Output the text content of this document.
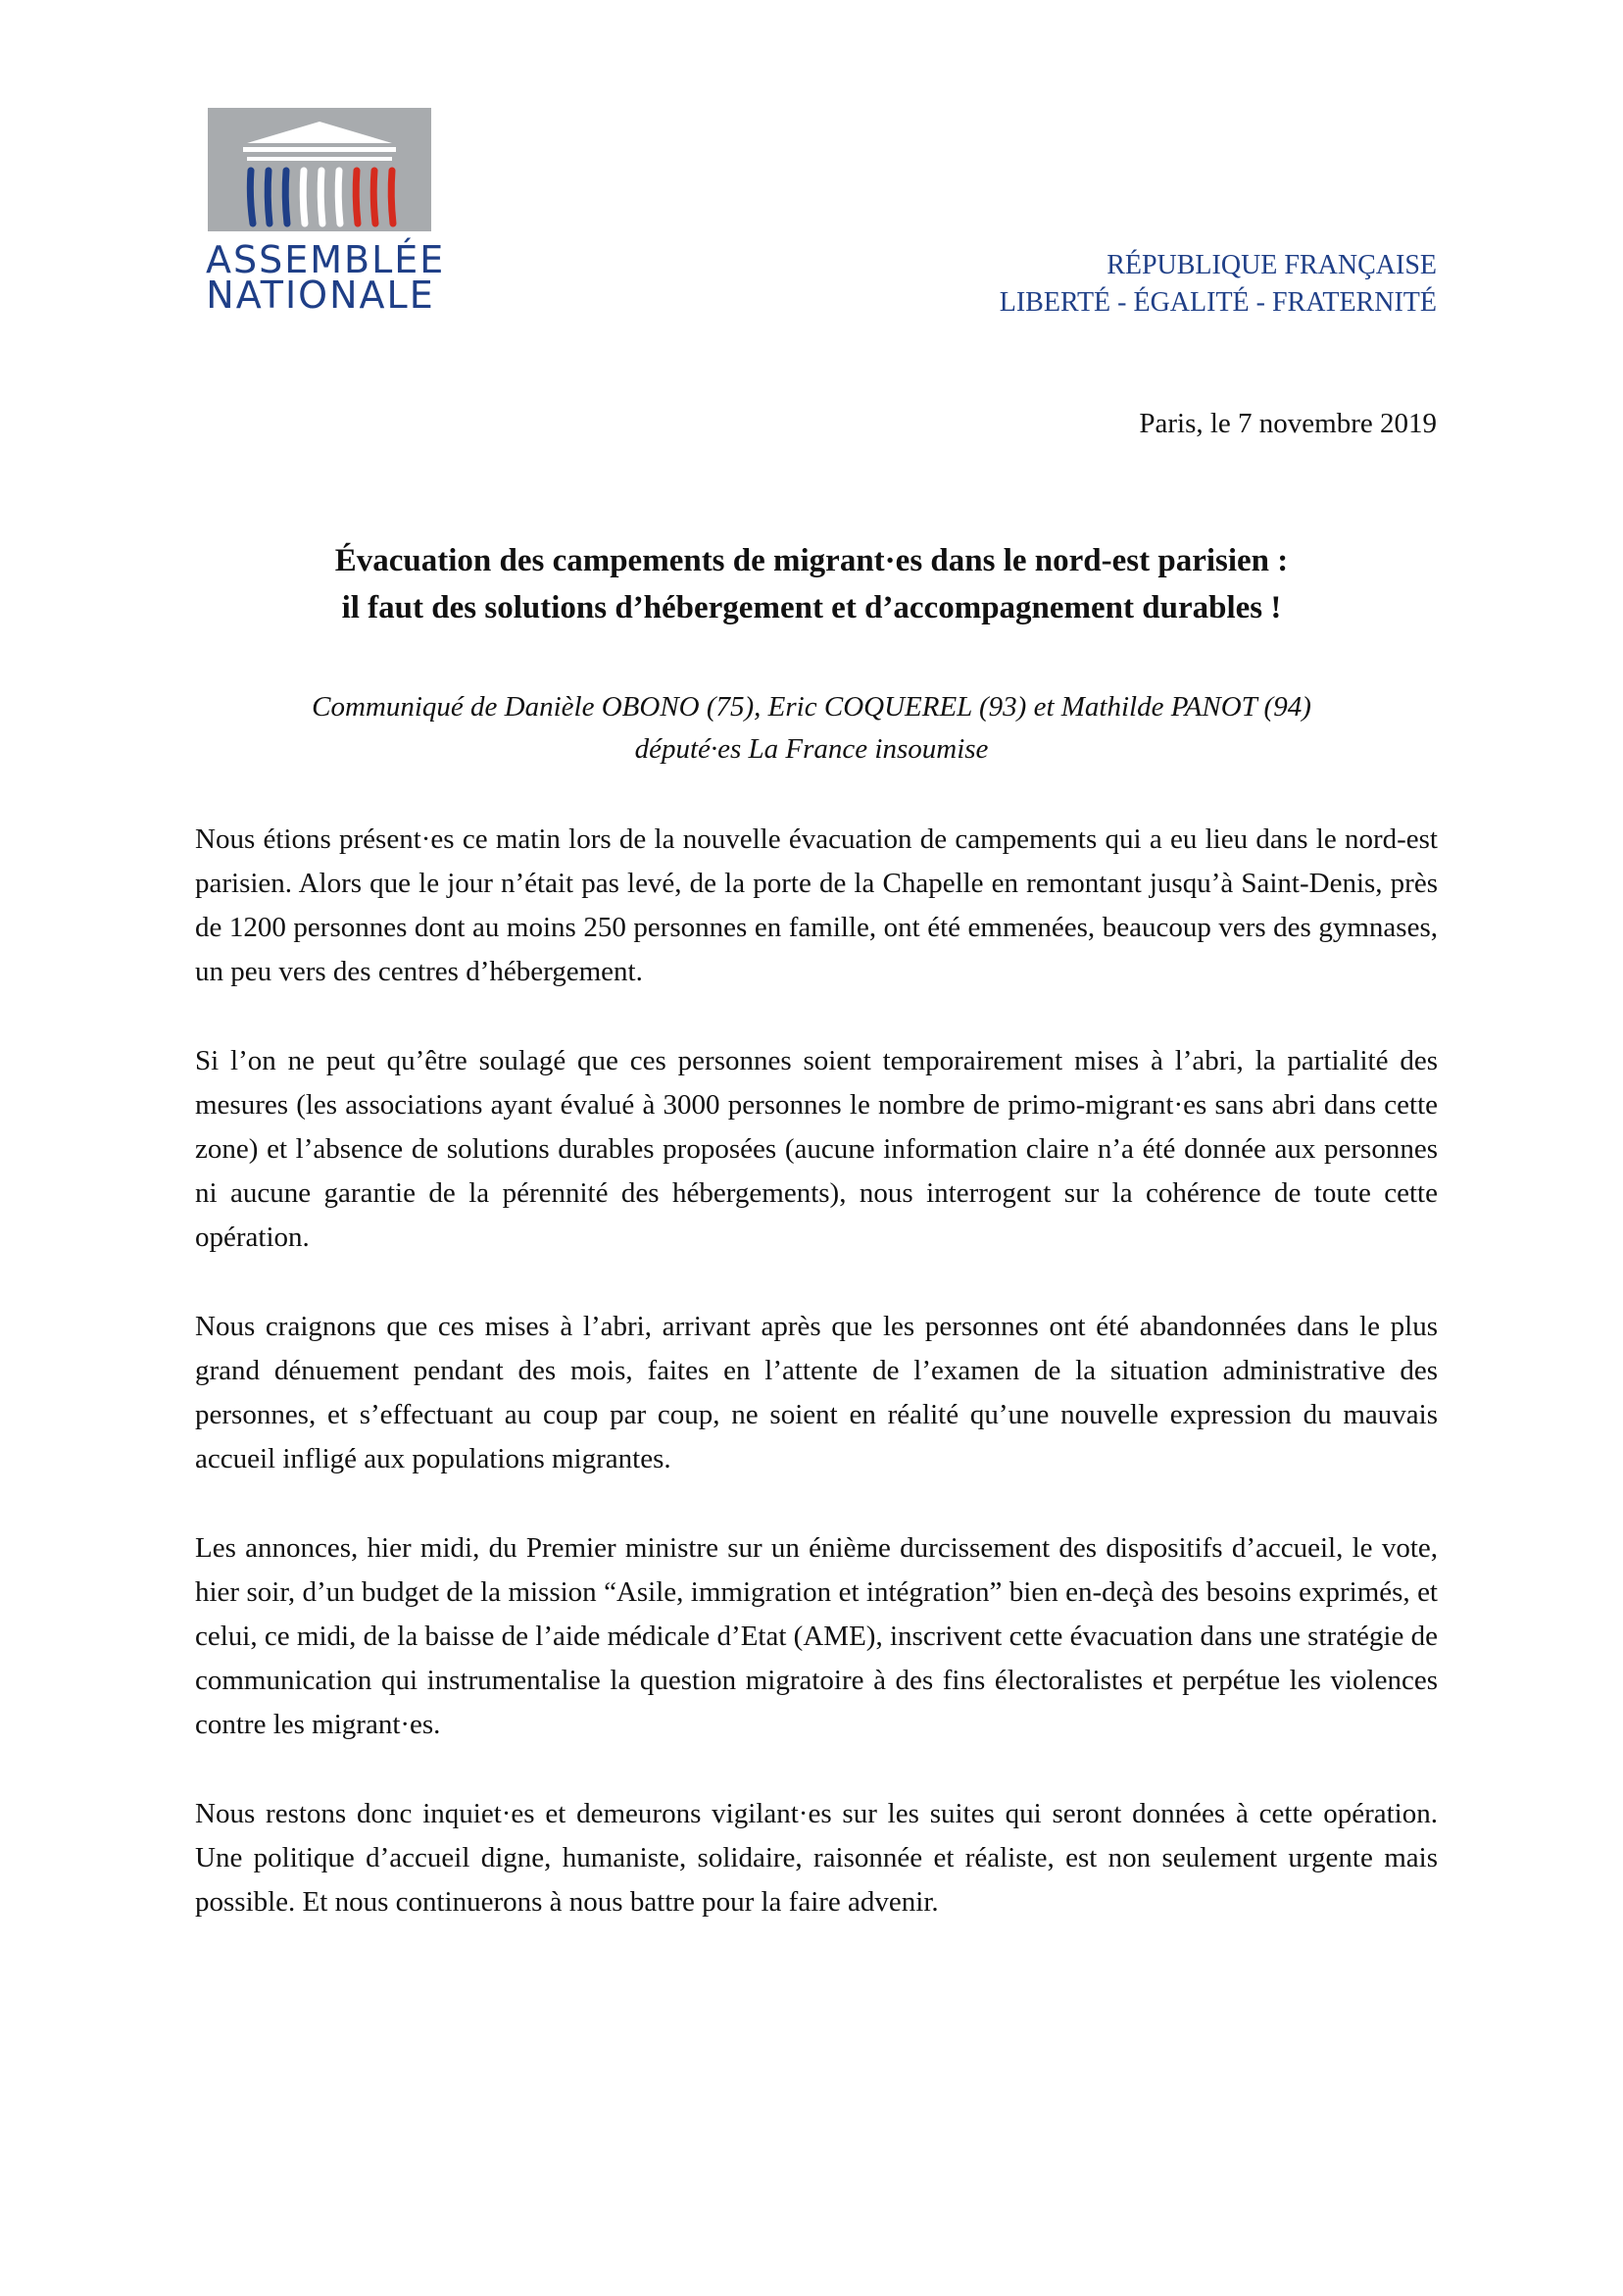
ASSEMBLÉE
NATIONALE
RÉPUBLIQUE FRANÇAISE
LIBERTÉ - ÉGALITÉ - FRATERNITÉ
Paris, le 7 novembre 2019
Évacuation des campements de migrant·es dans le nord-est parisien :
il faut des solutions d’hébergement et d’accompagnement durables !
Communiqué de Danièle OBONO (75), Eric COQUEREL (93) et Mathilde PANOT (94)
député·es La France insoumise

Nous étions présent·es ce matin lors de la nouvelle évacuation de campements qui a eu lieu dans le nord-est parisien. Alors que le jour n’était pas levé, de la porte de la Chapelle en remontant jusqu’à Saint-Denis, près de 1200 personnes dont au moins 250 personnes en famille, ont été emmenées, beaucoup vers des gymnases, un peu vers des centres d’hébergement.

Si l’on ne peut qu’être soulagé que ces personnes soient temporairement mises à l’abri, la partialité des mesures (les associations ayant évalué à 3000 personnes le nombre de primo-migrant·es sans abri dans cette zone) et l’absence de solutions durables proposées (aucune information claire n’a été donnée aux personnes ni aucune garantie de la pérennité des hébergements), nous interrogent sur la cohérence de toute cette opération.

Nous craignons que ces mises à l’abri, arrivant après que les personnes ont été abandonnées dans le plus grand dénuement pendant des mois, faites en l’attente de l’examen de la situation administrative des personnes, et s’effectuant au coup par coup, ne soient en réalité qu’une nouvelle expression du mauvais accueil infligé aux populations migrantes.

Les annonces, hier midi, du Premier ministre sur un énième durcissement des dispositifs d’accueil, le vote, hier soir, d’un budget de la mission “Asile, immigration et intégration” bien en-deçà des besoins exprimés, et celui, ce midi, de la baisse de l’aide médicale d’Etat (AME), inscrivent cette évacuation dans une stratégie de communication qui instrumentalise la question migratoire à des fins électoralistes et perpétue les violences contre les migrant·es.

Nous restons donc inquiet·es et demeurons vigilant·es sur les suites qui seront données à cette opération. Une politique d’accueil digne, humaniste, solidaire, raisonnée et réaliste, est non seulement urgente mais possible. Et nous continuerons à nous battre pour la faire advenir.
